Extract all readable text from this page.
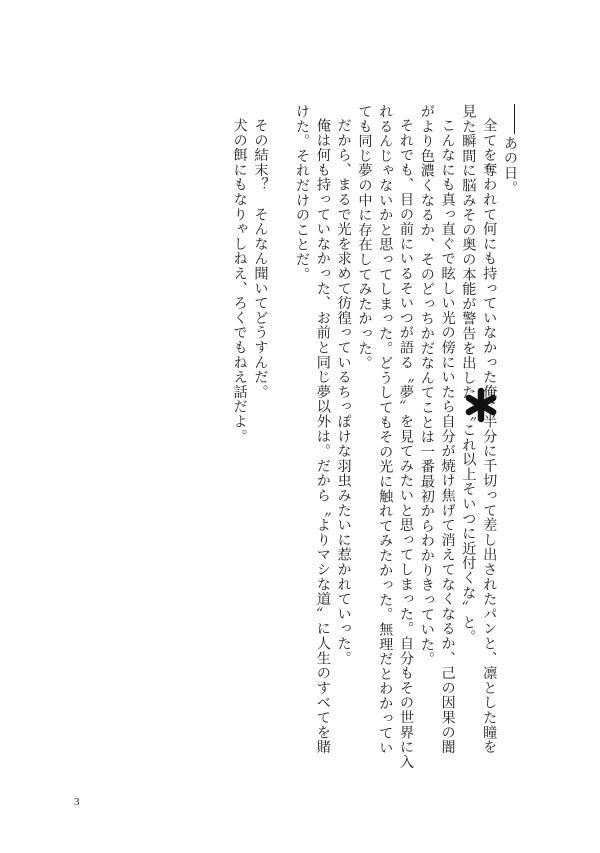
あの日。
全てを奪われて何にも持っていなかった俺に半分に千切って差し出されたパンと、凛とした瞳を
見た瞬間に脳みその奥の本能が警告を出した。〝これ以上そいつに近付くな〟と。
こんなにも真っ直ぐで眩しい光の傍にいたら自分が焼け焦げて消えてなくなるか、己の因果の闇
がより色濃くなるか、そのどっちかだなんてことは一番最初からわかりきっていた。
それでも、目の前にいるそいつが語る〝夢〟を見てみたいと思ってしまった。自分もその世界に入
れるんじゃないかと思ってしまった。どうしてもその光に触れてみたかった。無理だとわかってい
ても同じ夢の中に存在してみたかった。
だから、まるで光を求めて彷徨っているちっぽけな羽虫みたいに惹かれていった。
俺は何も持っていなかった、お前と同じ夢以外は。だから〝よりマシな道〟に人生のすべてを賭
けた。それだけのことだ。
その結末？　そんなん聞いてどうすんだ。
犬の餌にもなりゃしねえ、ろくでもねえ話だよ。
3
